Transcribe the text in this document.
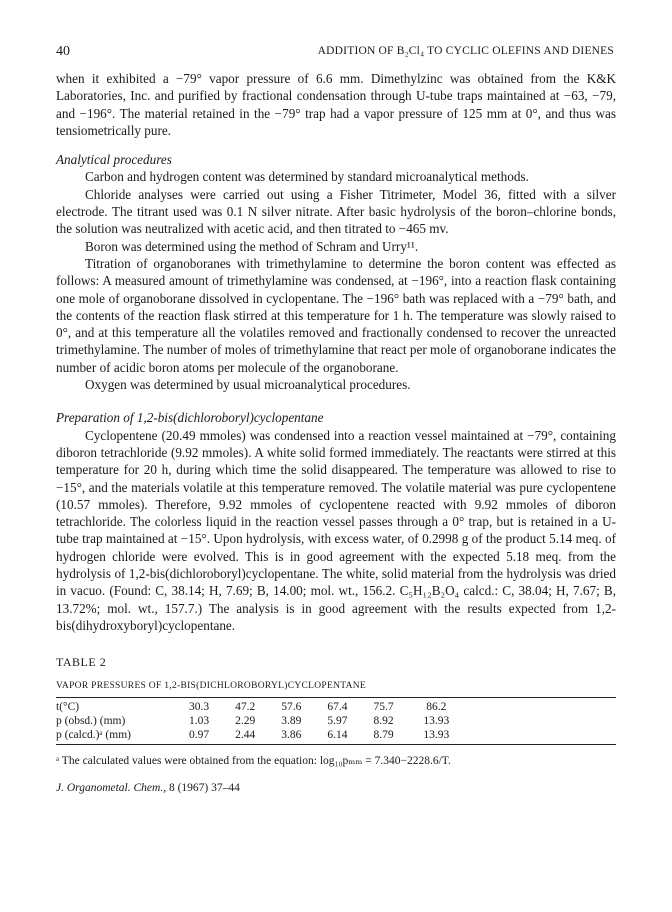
40	ADDITION OF B₂Cl₄ TO CYCLIC OLEFINS AND DIENES

when it exhibited a −79° vapor pressure of 6.6 mm. Dimethylzinc was obtained from the K&K Laboratories, Inc. and purified by fractional condensation through U-tube traps maintained at −63, −79, and −196°. The material retained in the −79° trap had a vapor pressure of 125 mm at 0°, and thus was tensiometrically pure.

Analytical procedures

Carbon and hydrogen content was determined by standard microanalytical methods.

Chloride analyses were carried out using a Fisher Titrimeter, Model 36, fitted with a silver electrode. The titrant used was 0.1 N silver nitrate. After basic hydrolysis of the boron–chlorine bonds, the solution was neutralized with acetic acid, and then titrated to −465 mv.

Boron was determined using the method of Schram and Urry¹¹.

Titration of organoboranes with trimethylamine to determine the boron content was effected as follows: A measured amount of trimethylamine was condensed, at −196°, into a reaction flask containing one mole of organoborane dissolved in cyclopentane. The −196° bath was replaced with a −79° bath, and the contents of the reaction flask stirred at this temperature for 1 h. The temperature was slowly raised to 0°, and at this temperature all the volatiles removed and fractionally condensed to recover the unreacted trimethylamine. The number of moles of trimethylamine that react per mole of organoborane indicates the number of acidic boron atoms per molecule of the organoborane.

Oxygen was determined by usual microanalytical procedures.

Preparation of 1,2-bis(dichloroboryl)cyclopentane

Cyclopentene (20.49 mmoles) was condensed into a reaction vessel maintained at −79°, containing diboron tetrachloride (9.92 mmoles). A white solid formed immediately. The reactants were stirred at this temperature for 20 h, during which time the solid disappeared. The temperature was allowed to rise to −15°, and the materials volatile at this temperature removed. The volatile material was pure cyclopentene (10.57 mmoles). Therefore, 9.92 mmoles of cyclopentene reacted with 9.92 mmoles of diboron tetrachloride. The colorless liquid in the reaction vessel passes through a 0° trap, but is retained in a U-tube trap maintained at −15°. Upon hydrolysis, with excess water, of 0.2998 g of the product 5.14 meq. of hydrogen chloride were evolved. This is in good agreement with the expected 5.18 meq. from the hydrolysis of 1,2-bis(dichloroboryl)cyclopentane. The white, solid material from the hydrolysis was dried in vacuo. (Found: C, 38.14; H, 7.69; B, 14.00; mol. wt., 156.2. C₅H₁₂B₂O₄ calcd.: C, 38.04; H, 7.67; B, 13.72%; mol. wt., 157.7.) The analysis is in good agreement with the results expected from 1,2-bis(dihydroxyboryl)cyclopentane.

TABLE 2

VAPOR PRESSURES OF 1,2-BIS(DICHLOROBORYL)CYCLOPENTANE

t(°C)	30.3	47.2	57.6	67.4	75.7	86.2
p (obsd.) (mm)	1.03	2.29	3.89	5.97	8.92	13.93
p (calcd.)ᵃ (mm)	0.97	2.44	3.86	6.14	8.79	13.93

ᵃ The calculated values were obtained from the equation: log₁₀pₘₘ = 7.340−2228.6/T.

J. Organometal. Chem., 8 (1967) 37–44
